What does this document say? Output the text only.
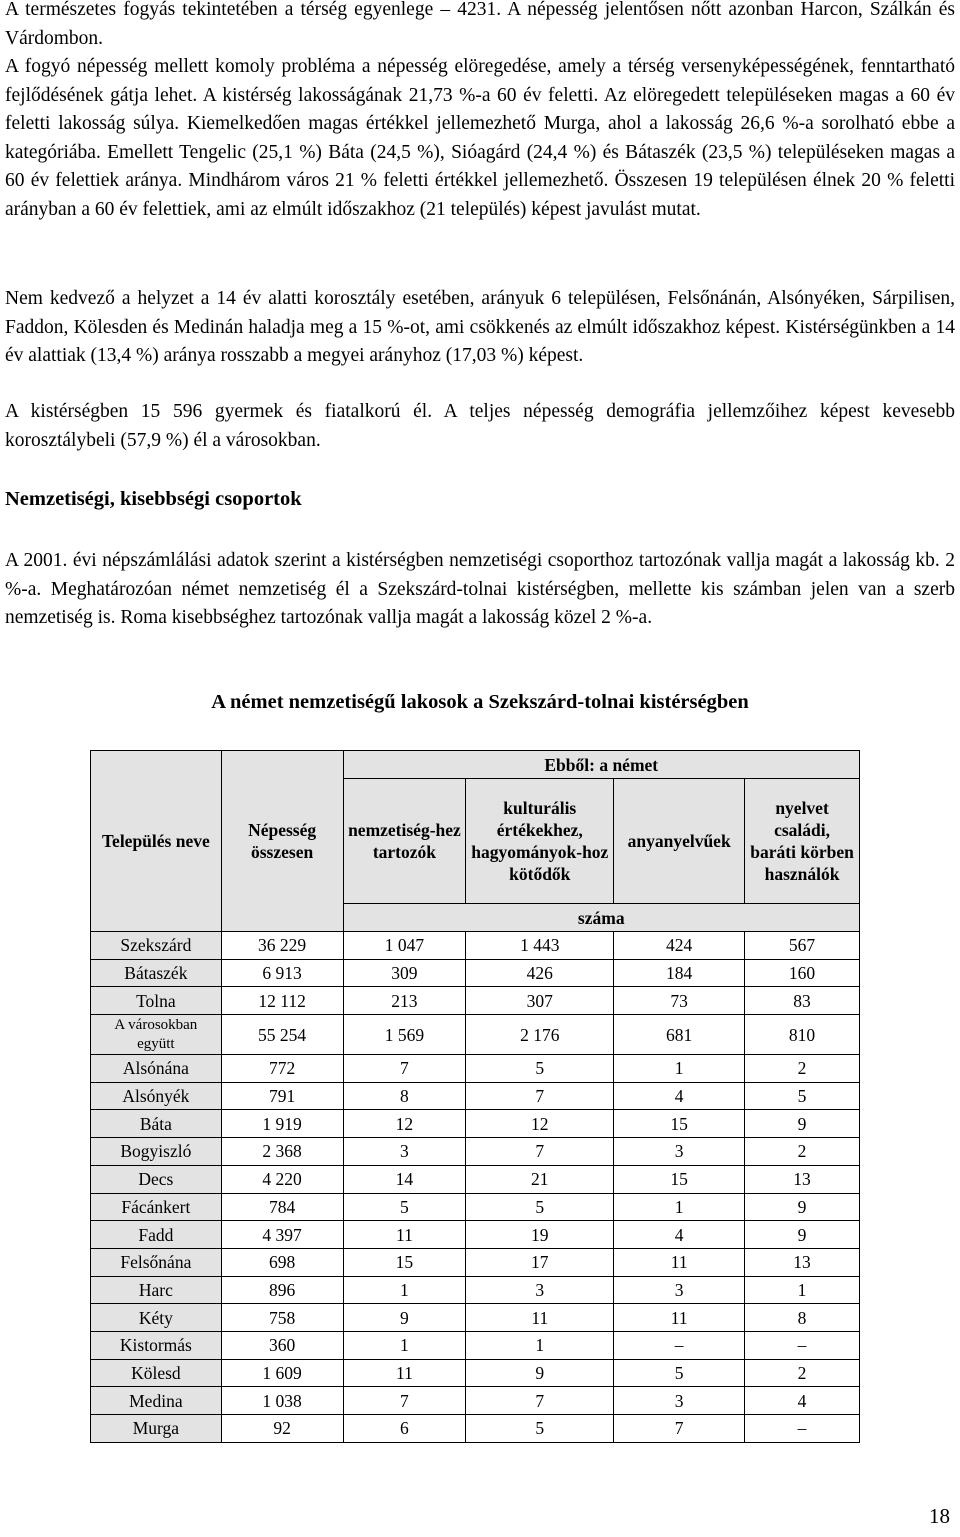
A természetes fogyás tekintetében a térség egyenlege – 4231. A népesség jelentősen nőtt azonban Harcon, Szálkán és Várdombon.

A fogyó népesség mellett komoly probléma a népesség elöregedése, amely a térség versenyképességének, fenntartható fejlődésének gátja lehet. A kistérség lakosságának 21,73 %-a 60 év feletti. Az elöregedett településeken magas a 60 év feletti lakosság súlya. Kiemelkedően magas értékkel jellemezhető Murga, ahol a lakosság 26,6 %-a sorolható ebbe a kategóriába. Emellett Tengelic (25,1 %) Báta (24,5 %), Sióagárd (24,4 %) és Bátaszék (23,5 %) településeken magas a 60 év felettiek aránya. Mindhárom város 21 % feletti értékkel jellemezhető. Összesen 19 településen élnek 20 % feletti arányban a 60 év felettiek, ami az elmúlt időszakhoz (21 település) képest javulást mutat.

Nem kedvező a helyzet a 14 év alatti korosztály esetében, arányuk 6 településen, Felsőnánán, Alsónyéken, Sárpilisen, Faddon, Kölesden és Medinán haladja meg a 15 %-ot, ami csökkenés az elmúlt időszakhoz képest. Kistérségünkben a 14 év alattiak (13,4 %) aránya rosszabb a megyei arányhoz (17,03 %) képest.

A kistérségben 15 596 gyermek és fiatalkorú él. A teljes népesség demográfia jellemzőihez képest kevesebb korosztálybeli (57,9 %) él a városokban.

Nemzetiségi, kisebbségi csoportok

A 2001. évi népszámlálási adatok szerint a kistérségben nemzetiségi csoporthoz tartozónak vallja magát a lakosság kb. 2 %-a. Meghatározóan német nemzetiség él a Szekszárd-tolnai kistérségben, mellette kis számban jelen van a szerb nemzetiség is. Roma kisebbséghez tartozónak vallja magát a lakosság közel 2 %-a.

A német nemzetiségű lakosok a Szekszárd-tolnai kistérségben
Település neve	Népesség összesen	Ebből: a német			
		nemzetiség-hez tartozók	kulturális értékekhez, hagyományok-hoz kötődők	anyanyelvűek	nyelvet családi, baráti körben használók
		száma			
Szekszárd	36 229	1 047	1 443	424	567
Bátaszék	6 913	309	426	184	160
Tolna	12 112	213	307	73	83
A városokban együtt	55 254	1 569	2 176	681	810
Alsónána	772	7	5	1	2
Alsónyék	791	8	7	4	5
Báta	1 919	12	12	15	9
Bogyiszló	2 368	3	7	3	2
Decs	4 220	14	21	15	13
Fácánkert	784	5	5	1	9
Fadd	4 397	11	19	4	9
Felsőnána	698	15	17	11	13
Harc	896	1	3	3	1
Kéty	758	9	11	11	8
Kistormás	360	1	1	–	–
Kölesd	1 609	11	9	5	2
Medina	1 038	7	7	3	4
Murga	92	6	5	7	–
18
